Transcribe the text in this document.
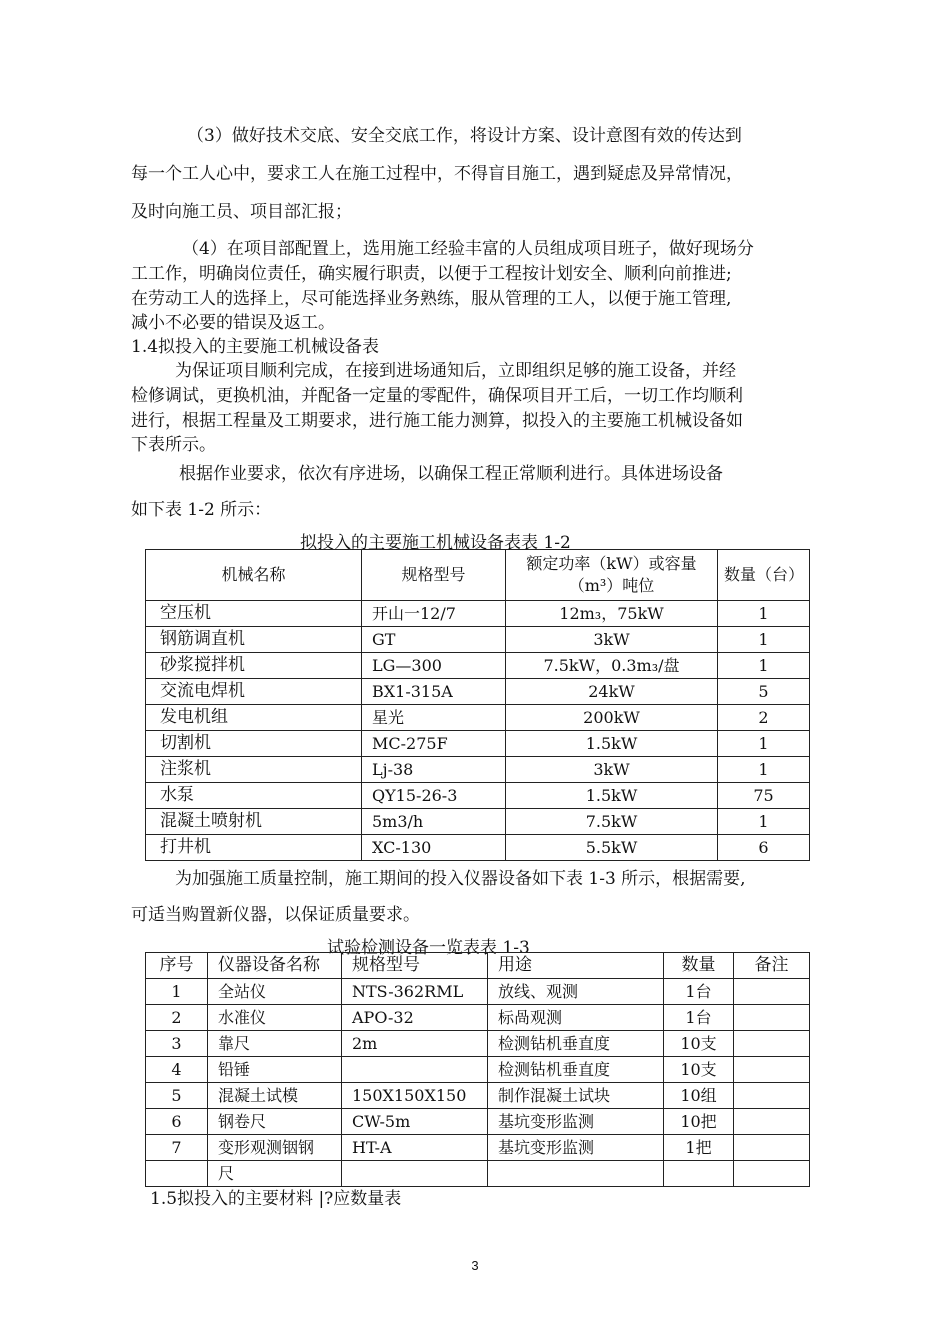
（3）做好技术交底、安全交底工作，将设计方案、设计意图有效的传达到

每一个工人心中，要求工人在施工过程中，不得盲目施工，遇到疑虑及异常情况，

及时向施工员、项目部汇报；

（4）在项目部配置上，选用施工经验丰富的人员组成项目班子，做好现场分

工工作，明确岗位责任，确实履行职责，以便于工程按计划安全、顺利向前推进;

在劳动工人的选择上，尽可能选择业务熟练，服从管理的工人，以便于施工管理,

减小不必要的错误及返工。

1.4拟投入的主要施工机械设备表

为保证项目顺利完成，在接到进场通知后，立即组织足够的施工设备，并经

检修调试，更换机油，并配备一定量的零配件，确保项目开工后，一切工作均顺利

进行，根据工程量及工期要求，进行施工能力测算，拟投入的主要施工机械设备如

下表所示。

根据作业要求，依次有序进场，以确保工程正常顺利进行。具体进场设备

如下表 1-2 所示：

拟投入的主要施工机械设备表表 1-2
机械名称	规格型号	额定功率（kW）或容量（m³）吨位	数量（台）
空压机	开山一12/7	12m₃，75kW	1
钢筋调直机	GT	3kW	1
砂浆搅拌机	LG—300	7.5kW，0.3m₃/盘	1
交流电焊机	BX1-315A	24kW	5
发电机组	星光	200kW	2
切割机	MC-275F	1.5kW	1
注浆机	Lj-38	3kW	1
水泵	QY15-26-3	1.5kW	75
混凝土喷射机	5m3/h	7.5kW	1
打井机	XC-130	5.5kW	6

为加强施工质量控制，施工期间的投入仪器设备如下表 1-3 所示，根据需要,

可适当购置新仪器，以保证质量要求。

试验检测设备一览表表 1-3
序号	仪器设备名称	规格型号	用途	数量	备注
1	全站仪	NTS-362RML	放线、观测	1台	
2	水准仪	APO-32	标咼观测	1台	
3	靠尺	2m	检测钻机垂直度	10支	
4	铅锤		检测钻机垂直度	10支	
5	混凝土试模	150X150X150	制作混凝土试块	10组	
6	钢卷尺	CW-5m	基坑变形监测	10把	
7	变形观测铟钢	HT-A	基坑变形监测	1把	
	尺				

1.5拟投入的主要材料 |?应数量表

3
